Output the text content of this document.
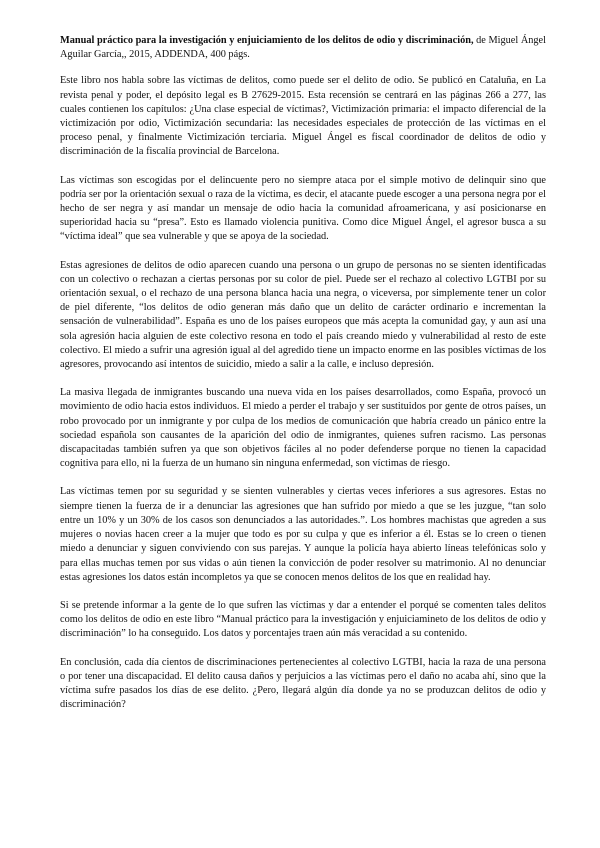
Manual práctico para la investigación y enjuiciamiento de los delitos de odio y discriminación, de Miguel Ángel Aguilar García,, 2015, ADDENDA, 400 págs.

Este libro nos habla sobre las víctimas de delitos, como puede ser el delito de odio. Se publicó en Cataluña, en La revista penal y poder, el depósito legal es B 27629-2015. Esta recensión se centrará en las páginas 266 a 277, las cuales contienen los capítulos: ¿Una clase especial de víctimas?, Victimización primaria: el impacto diferencial de la victimización por odio, Victimización secundaria: las necesidades especiales de protección de las víctimas en el proceso penal, y finalmente Victimización terciaria. Miguel Ángel es fiscal coordinador de delitos de odio y discriminación de la fiscalía provincial de Barcelona.

Las víctimas son escogidas por el delincuente pero no siempre ataca por el simple motivo de delinquir sino que podría ser por la orientación sexual o raza de la víctima, es decir, el atacante puede escoger a una persona negra por el hecho de ser negra y así mandar un mensaje de odio hacia la comunidad afroamericana, y así posicionarse en superioridad hacia su “presa”. Esto es llamado violencia punitiva. Como dice Miguel Ángel, el agresor busca a su “víctima ideal” que sea vulnerable y que se apoya de la sociedad.

Estas agresiones de delitos de odio aparecen cuando una persona o un grupo de personas no se sienten identificadas con un colectivo o rechazan a ciertas personas por su color de piel. Puede ser el rechazo al colectivo LGTBI por su orientación sexual, o el rechazo de una persona blanca hacia una negra, o viceversa, por simplemente tener un color de piel diferente, “los delitos de odio generan más daño que un delito de carácter ordinario e incrementan la sensación de vulnerabilidad”. España es uno de los países europeos que más acepta la comunidad gay, y aun así una sola agresión hacia alguien de este colectivo resona en todo el país creando miedo y vulnerabilidad al resto de este colectivo. El miedo a sufrir una agresión igual al del agredido tiene un impacto enorme en las posibles víctimas de los agresores, provocando así intentos de suicidio, miedo a salir a la calle, e incluso depresión.

La masiva llegada de inmigrantes buscando una nueva vida en los países desarrollados, como España, provocó un movimiento de odio hacia estos individuos. El miedo a perder el trabajo y ser sustituidos por gente de otros países, un robo provocado por un inmigrante y por culpa de los medios de comunicación que habría creado un pánico entre la sociedad española son causantes de la aparición del odio de inmigrantes, quienes sufren racismo. Las personas discapacitadas también sufren ya que son objetivos fáciles al no poder defenderse porque no tienen la capacidad cognitiva para ello, ni la fuerza de un humano sin ninguna enfermedad, son víctimas de riesgo.

Las víctimas temen por su seguridad y se sienten vulnerables y ciertas veces inferiores a sus agresores. Estas no siempre tienen la fuerza de ir a denunciar las agresiones que han sufrido por miedo a que se les juzgue, “tan solo entre un 10% y un 30% de los casos son denunciados a las autoridades.”. Los hombres machistas que agreden a sus mujeres o novias hacen creer a la mujer que todo es por su culpa y que es inferior a él. Estas se lo creen o tienen miedo a denunciar y siguen conviviendo con sus parejas. Y aunque la policía haya abierto líneas telefónicas solo y para ellas muchas temen por sus vidas o aún tienen la convicción de poder resolver su matrimonio. Al no denunciar estas agresiones los datos están incompletos ya que se conocen menos delitos de los que en realidad hay.

Si se pretende informar a la gente de lo que sufren las víctimas y dar a entender el porqué se comenten tales delitos como los delitos de odio en este libro “Manual práctico para la investigación y enjuiciamineto de los delitos de odio y discriminación” lo ha conseguido. Los datos y porcentajes traen aún más veracidad a su contenido.

En conclusión, cada día cientos de discriminaciones pertenecientes al colectivo LGTBI, hacia la raza de una persona o por tener una discapacidad. El delito causa daños y perjuicios a las víctimas pero el daño no acaba ahí, sino que la víctima sufre pasados los días de ese delito. ¿Pero, llegará algún día donde ya no se produzcan delitos de odio y discriminación?
